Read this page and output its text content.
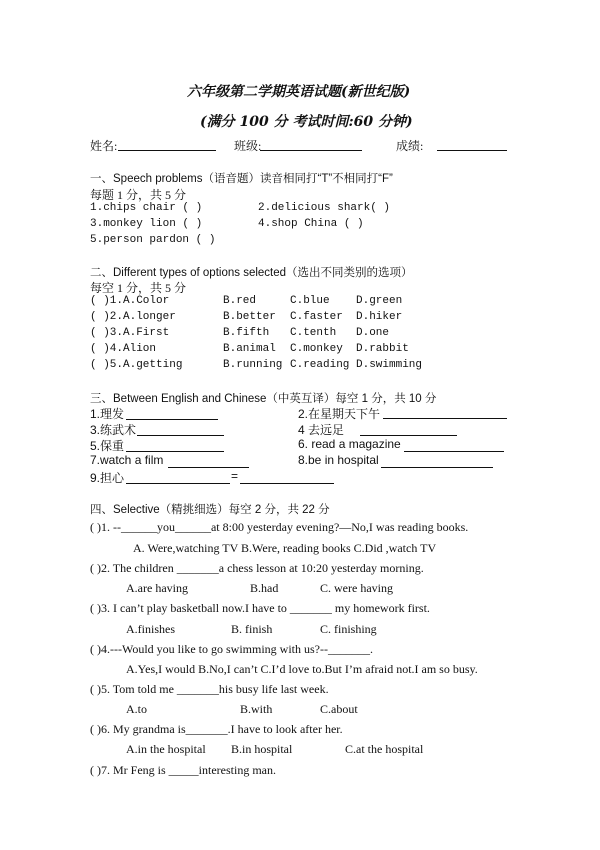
六年级第二学期英语试题(新世纪版)
(满分 100 分 考试时间:60 分钟)
姓名:	班级:	成绩:
一、Speech problems（语音题）读音相同打“T”不相同打“F”
每题 1 分，共 5 分
1.chips chair ( )	2.delicious shark( )
3.monkey lion ( )	4.shop China ( )
5.person pardon ( )
二、Different types of options selected（选出不同类别的选项）
每空 1 分，共 5 分
( )1.A.Color	B.red	C.blue D.green
( )2.A.longer	B.better C.faster D.hiker
( )3.A.First	B.fifth C.tenth D.one
( )4.Alion	B.animal C.monkey D.rabbit
( )5.A.getting	B.running C.reading D.swimming
三、Between English and Chinese（中英互译）每空 1 分，共 10 分
1.理发	2.在星期天下午
3.练武术	4 去远足
5.保重	6. read a magazine
7.watch a film	8.be in hospital
9.担心	=
四、Selective（精挑细选）每空 2 分，共 22 分
( )1. --______you______at 8:00 yesterday evening?—No,I was reading books.
A. Were,watching TV B.Were, reading books C.Did ,watch TV
( )2. The children _______a chess lesson at 10:20 yesterday morning.
A.are having	B.had	C. were having
( )3. I can’t play basketball now.I have to _______ my homework first.
A.finishes	B. finish	C. finishing
( )4.---Would you like to go swimming with us?--_______.
A.Yes,I would B.No,I can’t C.I’d love to.But I’m afraid not.I am so busy.
( )5. Tom told me _______his busy life last week.
A.to	B.with	C.about
( )6. My grandma is_______.I have to look after her.
A.in the hospital B.in hospital	C.at the hospital
( )7. Mr Feng is _____interesting man.
